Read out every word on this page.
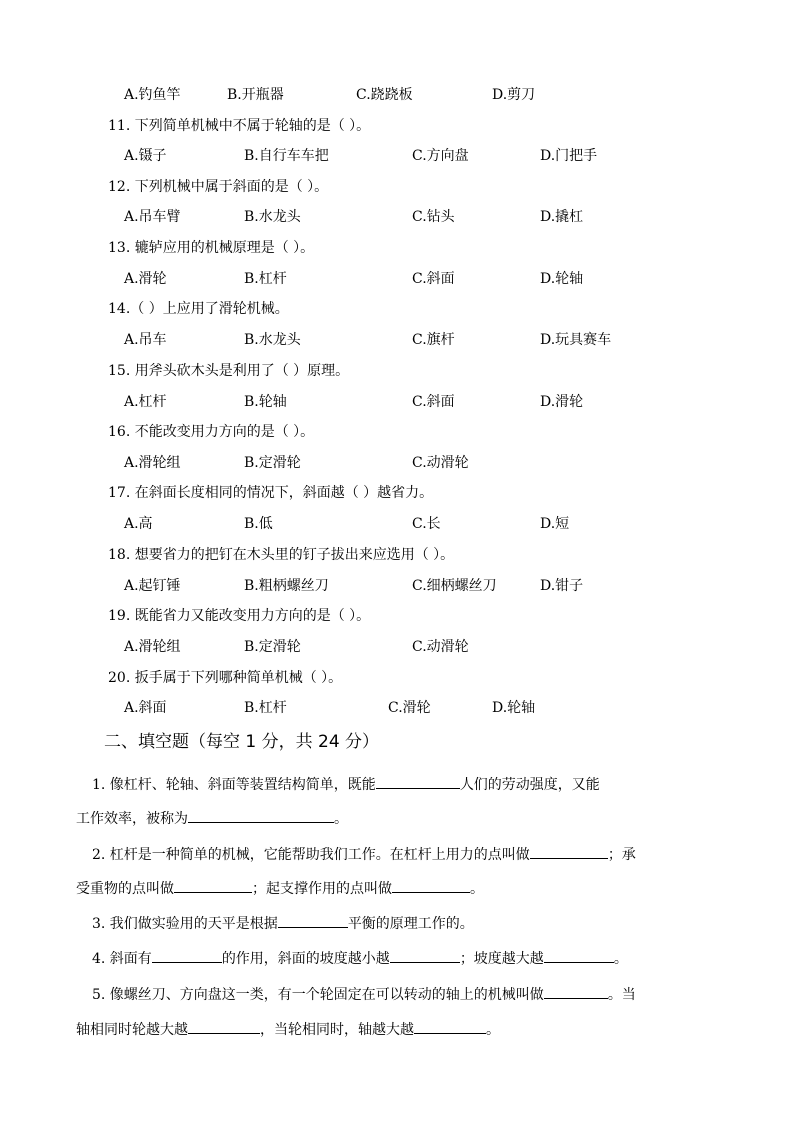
A.钓鱼竿	B.开瓶器	C.跷跷板	D.剪刀
11. 下列简单机械中不属于轮轴的是（ ）。
A.镊子	B.自行车车把	C.方向盘	D.门把手
12. 下列机械中属于斜面的是（ ）。
A.吊车臂	B.水龙头	C.钻头	D.撬杠
13. 辘轳应用的机械原理是（ ）。
A.滑轮	B.杠杆	C.斜面	D.轮轴
14.（ ）上应用了滑轮机械。
A.吊车	B.水龙头	C.旗杆	D.玩具赛车
15. 用斧头砍木头是利用了（ ）原理。
A.杠杆	B.轮轴	C.斜面	D.滑轮
16. 不能改变用力方向的是（ ）。
A.滑轮组	B.定滑轮	C.动滑轮
17. 在斜面长度相同的情况下，斜面越（ ）越省力。
A.高	B.低	C.长	D.短
18. 想要省力的把钉在木头里的钉子拔出来应选用（ ）。
A.起钉锤	B.粗柄螺丝刀	C.细柄螺丝刀	D.钳子
19. 既能省力又能改变用力方向的是（ ）。
A.滑轮组	B.定滑轮	C.动滑轮
20. 扳手属于下列哪种简单机械（ ）。
A.斜面	B.杠杆	C.滑轮	D.轮轴
二、填空题（每空 1 分，共 24 分）
1. 像杠杆、轮轴、斜面等装置结构简单，既能	人们的劳动强度，又能
工作效率，被称为	。
2. 杠杆是一种简单的机械，它能帮助我们工作。在杠杆上用力的点叫做	；承
受重物的点叫做	；起支撑作用的点叫做	。
3. 我们做实验用的天平是根据	平衡的原理工作的。
4. 斜面有	的作用，斜面的坡度越小越	；坡度越大越	。
5. 像螺丝刀、方向盘这一类，有一个轮固定在可以转动的轴上的机械叫做	。当
轴相同时轮越大越	，当轮相同时，轴越大越	。
